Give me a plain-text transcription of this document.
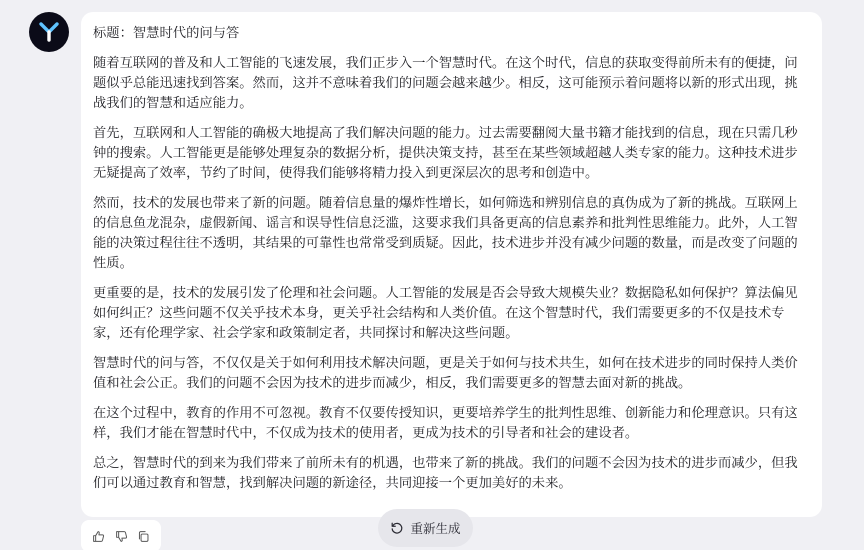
标题：智慧时代的问与答

随着互联网的普及和人工智能的飞速发展，我们正步入一个智慧时代。在这个时代，信息的获取变得前所未有的便捷，问题似乎总能迅速找到答案。然而，这并不意味着我们的问题会越来越少。相反，这可能预示着问题将以新的形式出现，挑战我们的智慧和适应能力。

首先，互联网和人工智能的确极大地提高了我们解决问题的能力。过去需要翻阅大量书籍才能找到的信息，现在只需几秒钟的搜索。人工智能更是能够处理复杂的数据分析，提供决策支持，甚至在某些领域超越人类专家的能力。这种技术进步无疑提高了效率，节约了时间，使得我们能够将精力投入到更深层次的思考和创造中。

然而，技术的发展也带来了新的问题。随着信息量的爆炸性增长，如何筛选和辨别信息的真伪成为了新的挑战。互联网上的信息鱼龙混杂，虚假新闻、谣言和误导性信息泛滥，这要求我们具备更高的信息素养和批判性思维能力。此外，人工智能的决策过程往往不透明，其结果的可靠性也常常受到质疑。因此，技术进步并没有减少问题的数量，而是改变了问题的性质。

更重要的是，技术的发展引发了伦理和社会问题。人工智能的发展是否会导致大规模失业？数据隐私如何保护？算法偏见如何纠正？这些问题不仅关乎技术本身，更关乎社会结构和人类价值。在这个智慧时代，我们需要更多的不仅是技术专家，还有伦理学家、社会学家和政策制定者，共同探讨和解决这些问题。

智慧时代的问与答，不仅仅是关于如何利用技术解决问题，更是关于如何与技术共生，如何在技术进步的同时保持人类价值和社会公正。我们的问题不会因为技术的进步而减少，相反，我们需要更多的智慧去面对新的挑战。

在这个过程中，教育的作用不可忽视。教育不仅要传授知识，更要培养学生的批判性思维、创新能力和伦理意识。只有这样，我们才能在智慧时代中，不仅成为技术的使用者，更成为技术的引导者和社会的建设者。

总之，智慧时代的到来为我们带来了前所未有的机遇，也带来了新的挑战。我们的问题不会因为技术的进步而减少，但我们可以通过教育和智慧，找到解决问题的新途径，共同迎接一个更加美好的未来。

重新生成
